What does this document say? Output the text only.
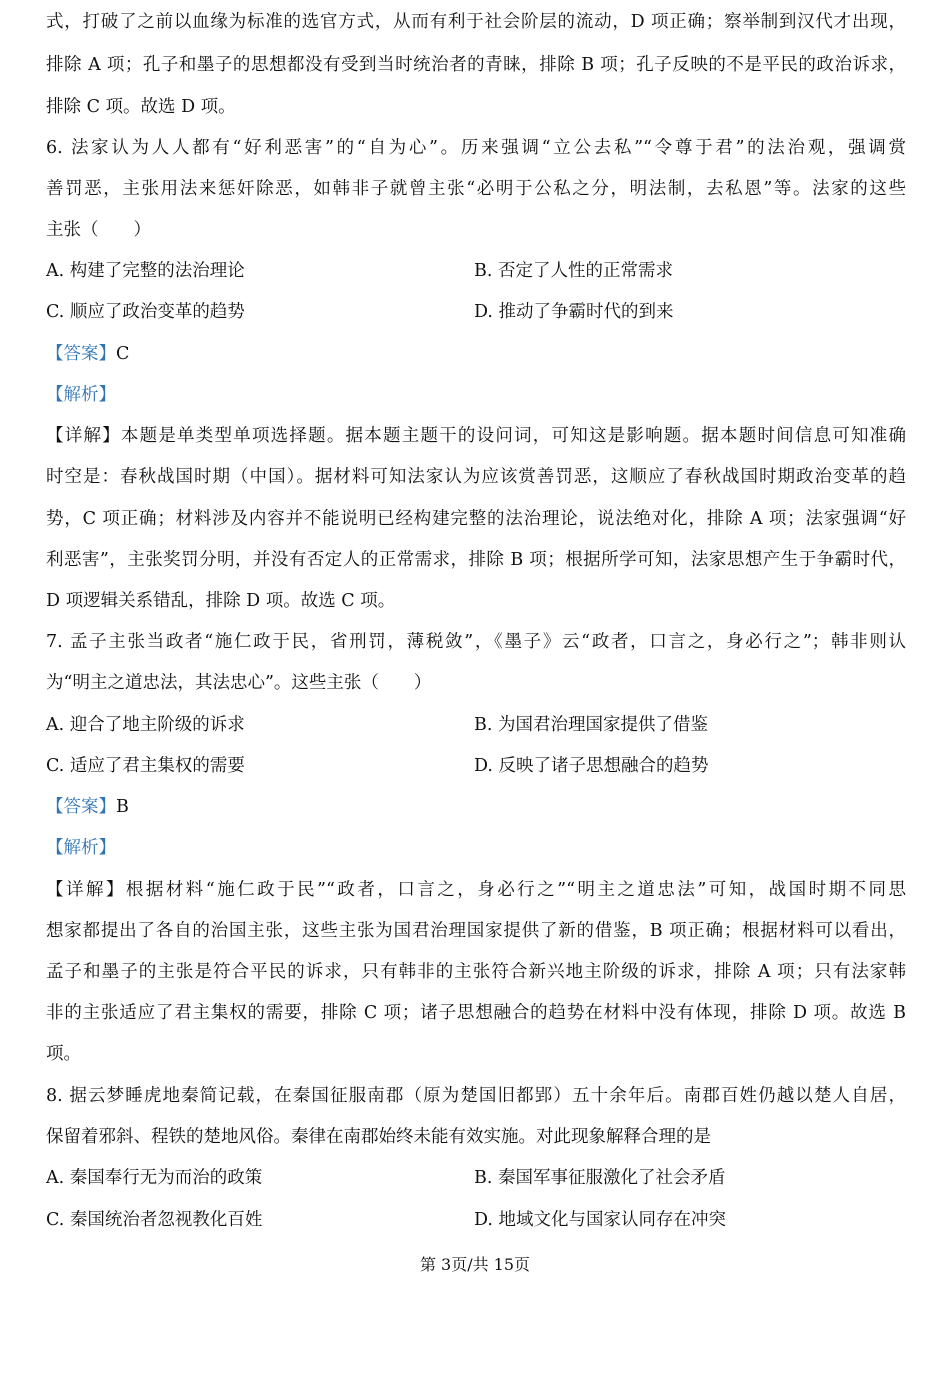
式，打破了之前以血缘为标准的选官方式，从而有利于社会阶层的流动，D 项正确；察举制到汉代才出现，
排除 A 项；孔子和墨子的思想都没有受到当时统治者的青睐，排除 B 项；孔子反映的不是平民的政治诉求，
排除 C 项。故选 D 项。
6. 法家认为人人都有“好利恶害”的“自为心”。历来强调“立公去私”“令尊于君”的法治观，强调赏
善罚恶，主张用法来惩奸除恶，如韩非子就曾主张“必明于公私之分，明法制，去私恩”等。法家的这些
主张（　　）
A. 构建了完整的法治理论	B. 否定了人性的正常需求
C. 顺应了政治变革的趋势	D. 推动了争霸时代的到来
【答案】C
【解析】
【详解】本题是单类型单项选择题。据本题主题干的设问词，可知这是影响题。据本题时间信息可知准确
时空是：春秋战国时期（中国）。据材料可知法家认为应该赏善罚恶，这顺应了春秋战国时期政治变革的趋
势，C 项正确；材料涉及内容并不能说明已经构建完整的法治理论，说法绝对化，排除 A 项；法家强调“好
利恶害”，主张奖罚分明，并没有否定人的正常需求，排除 B 项；根据所学可知，法家思想产生于争霸时代，
D 项逻辑关系错乱，排除 D 项。故选 C 项。
7. 孟子主张当政者“施仁政于民，省刑罚，薄税敛”，《墨子》云“政者，口言之，身必行之”；韩非则认
为“明主之道忠法，其法忠心”。这些主张（　　）
A. 迎合了地主阶级的诉求	B. 为国君治理国家提供了借鉴
C. 适应了君主集权的需要	D. 反映了诸子思想融合的趋势
【答案】B
【解析】
【详解】根据材料“施仁政于民”“政者，口言之，身必行之”“明主之道忠法”可知，战国时期不同思
想家都提出了各自的治国主张，这些主张为国君治理国家提供了新的借鉴，B 项正确；根据材料可以看出，
孟子和墨子的主张是符合平民的诉求，只有韩非的主张符合新兴地主阶级的诉求，排除 A 项；只有法家韩
非的主张适应了君主集权的需要，排除 C 项；诸子思想融合的趋势在材料中没有体现，排除 D 项。故选 B
项。
8. 据云梦睡虎地秦简记载，在秦国征服南郡（原为楚国旧都郢）五十余年后。南郡百姓仍越以楚人自居，
保留着邪斜、程铁的楚地风俗。秦律在南郡始终未能有效实施。对此现象解释合理的是
A. 秦国奉行无为而治的政策	B. 秦国军事征服激化了社会矛盾
C. 秦国统治者忽视教化百姓	D. 地域文化与国家认同存在冲突
第 3页/共 15页
